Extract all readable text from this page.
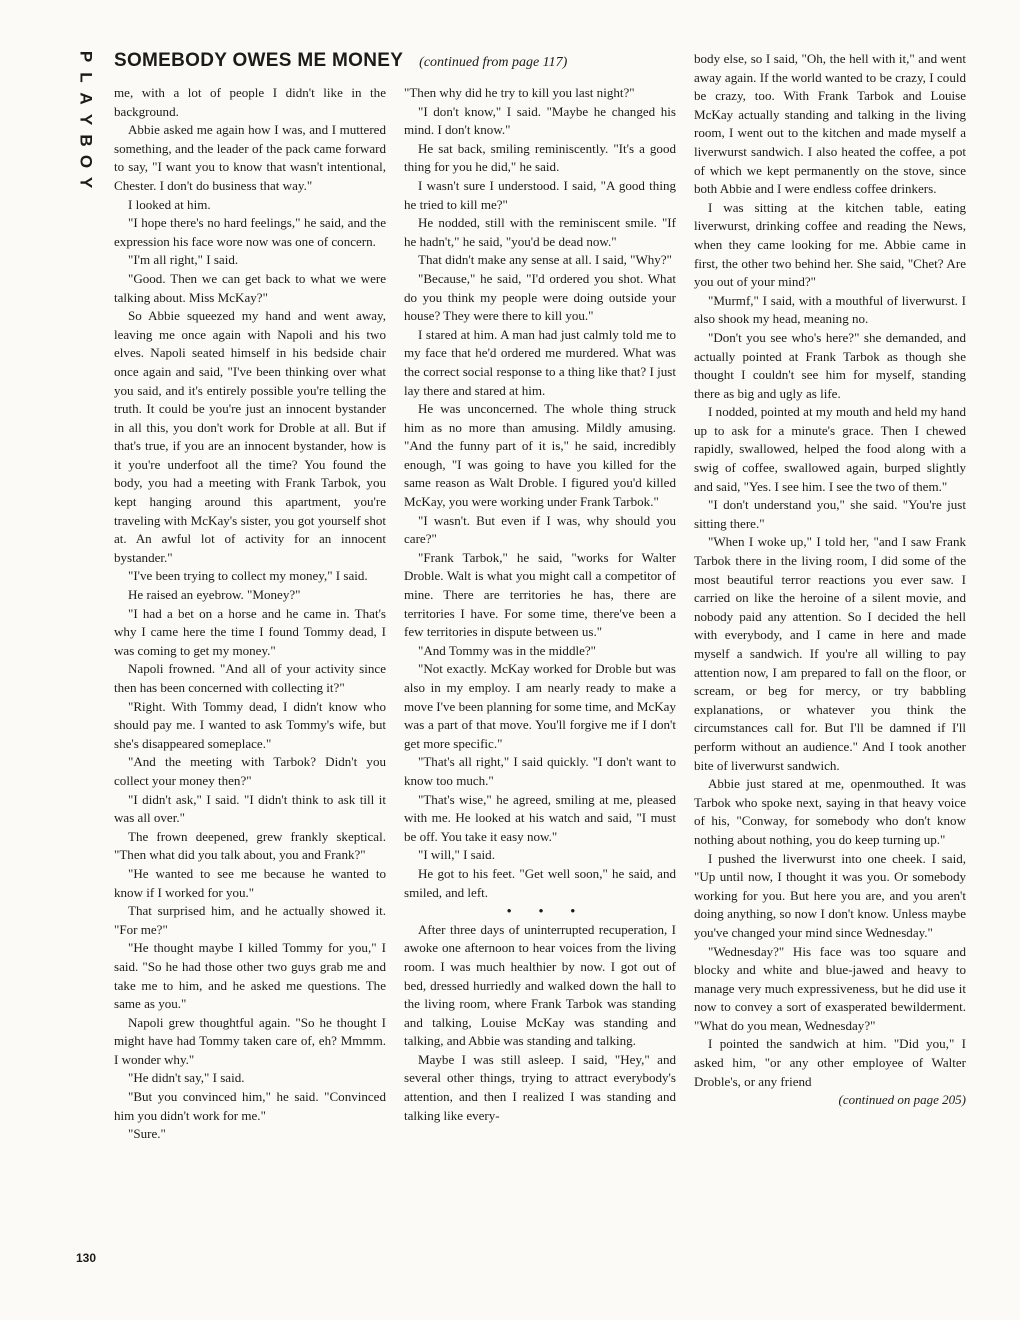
P
L
A
Y
B
O
Y
SOMEBODY OWES ME MONEY (continued from page 117)

me, with a lot of people I didn't like in the background.

Abbie asked me again how I was, and I muttered something, and the leader of the pack came forward to say, "I want you to know that wasn't intentional, Chester. I don't do business that way."

I looked at him.

"I hope there's no hard feelings," he said, and the expression his face wore now was one of concern.

"I'm all right," I said.

"Good. Then we can get back to what we were talking about. Miss McKay?"

So Abbie squeezed my hand and went away, leaving me once again with Napoli and his two elves. Napoli seated himself in his bedside chair once again and said, "I've been thinking over what you said, and it's entirely possible you're telling the truth. It could be you're just an innocent bystander in all this, you don't work for Droble at all. But if that's true, if you are an innocent bystander, how is it you're underfoot all the time? You found the body, you had a meeting with Frank Tarbok, you kept hanging around this apartment, you're traveling with McKay's sister, you got yourself shot at. An awful lot of activity for an innocent bystander."

"I've been trying to collect my money," I said.

He raised an eyebrow. "Money?"

"I had a bet on a horse and he came in. That's why I came here the time I found Tommy dead, I was coming to get my money."

Napoli frowned. "And all of your activity since then has been concerned with collecting it?"

"Right. With Tommy dead, I didn't know who should pay me. I wanted to ask Tommy's wife, but she's disappeared someplace."

"And the meeting with Tarbok? Didn't you collect your money then?"

"I didn't ask," I said. "I didn't think to ask till it was all over."

The frown deepened, grew frankly skeptical. "Then what did you talk about, you and Frank?"

"He wanted to see me because he wanted to know if I worked for you."

That surprised him, and he actually showed it. "For me?"

"He thought maybe I killed Tommy for you," I said. "So he had those other two guys grab me and take me to him, and he asked me questions. The same as you."

Napoli grew thoughtful again. "So he thought I might have had Tommy taken care of, eh? Mmmm. I wonder why."

"He didn't say," I said.

"But you convinced him," he said. "Convinced him you didn't work for me."

"Sure."

"Then why did he try to kill you last night?"

"I don't know," I said. "Maybe he changed his mind. I don't know."

He sat back, smiling reminiscently. "It's a good thing for you he did," he said.

I wasn't sure I understood. I said, "A good thing he tried to kill me?"

He nodded, still with the reminiscent smile. "If he hadn't," he said, "you'd be dead now."

That didn't make any sense at all. I said, "Why?"

"Because," he said, "I'd ordered you shot. What do you think my people were doing outside your house? They were there to kill you."

I stared at him. A man had just calmly told me to my face that he'd ordered me murdered. What was the correct social response to a thing like that? I just lay there and stared at him.

He was unconcerned. The whole thing struck him as no more than amusing. Mildly amusing. "And the funny part of it is," he said, incredibly enough, "I was going to have you killed for the same reason as Walt Droble. I figured you'd killed McKay, you were working under Frank Tarbok."

"I wasn't. But even if I was, why should you care?"

"Frank Tarbok," he said, "works for Walter Droble. Walt is what you might call a competitor of mine. There are territories he has, there are territories I have. For some time, there've been a few territories in dispute between us."

"And Tommy was in the middle?"

"Not exactly. McKay worked for Droble but was also in my employ. I am nearly ready to make a move I've been planning for some time, and McKay was a part of that move. You'll forgive me if I don't get more specific."

"That's all right," I said quickly. "I don't want to know too much."

"That's wise," he agreed, smiling at me, pleased with me. He looked at his watch and said, "I must be off. You take it easy now."

"I will," I said.

He got to his feet. "Get well soon," he said, and smiled, and left.

• • •

After three days of uninterrupted recuperation, I awoke one afternoon to hear voices from the living room. I was much healthier by now. I got out of bed, dressed hurriedly and walked down the hall to the living room, where Frank Tarbok was standing and talking, Louise McKay was standing and talking, and Abbie was standing and talking.

Maybe I was still asleep. I said, "Hey," and several other things, trying to attract everybody's attention, and then I realized I was standing and talking like every-

body else, so I said, "Oh, the hell with it," and went away again. If the world wanted to be crazy, I could be crazy, too. With Frank Tarbok and Louise McKay actually standing and talking in the living room, I went out to the kitchen and made myself a liverwurst sandwich. I also heated the coffee, a pot of which we kept permanently on the stove, since both Abbie and I were endless coffee drinkers.

I was sitting at the kitchen table, eating liverwurst, drinking coffee and reading the News, when they came looking for me. Abbie came in first, the other two behind her. She said, "Chet? Are you out of your mind?"

"Murmf," I said, with a mouthful of liverwurst. I also shook my head, meaning no.

"Don't you see who's here?" she demanded, and actually pointed at Frank Tarbok as though she thought I couldn't see him for myself, standing there as big and ugly as life.

I nodded, pointed at my mouth and held my hand up to ask for a minute's grace. Then I chewed rapidly, swallowed, helped the food along with a swig of coffee, swallowed again, burped slightly and said, "Yes. I see him. I see the two of them."

"I don't understand you," she said. "You're just sitting there."

"When I woke up," I told her, "and I saw Frank Tarbok there in the living room, I did some of the most beautiful terror reactions you ever saw. I carried on like the heroine of a silent movie, and nobody paid any attention. So I decided the hell with everybody, and I came in here and made myself a sandwich. If you're all willing to pay attention now, I am prepared to fall on the floor, or scream, or beg for mercy, or try babbling explanations, or whatever you think the circumstances call for. But I'll be damned if I'll perform without an audience." And I took another bite of liverwurst sandwich.

Abbie just stared at me, openmouthed. It was Tarbok who spoke next, saying in that heavy voice of his, "Conway, for somebody who don't know nothing about nothing, you do keep turning up."

I pushed the liverwurst into one cheek. I said, "Up until now, I thought it was you. Or somebody working for you. But here you are, and you aren't doing anything, so now I don't know. Unless maybe you've changed your mind since Wednesday."

"Wednesday?" His face was too square and blocky and white and blue-jawed and heavy to manage very much expressiveness, but he did use it now to convey a sort of exasperated bewilderment. "What do you mean, Wednesday?"

I pointed the sandwich at him. "Did you," I asked him, "or any other employee of Walter Droble's, or any friend

(continued on page 205)

130
